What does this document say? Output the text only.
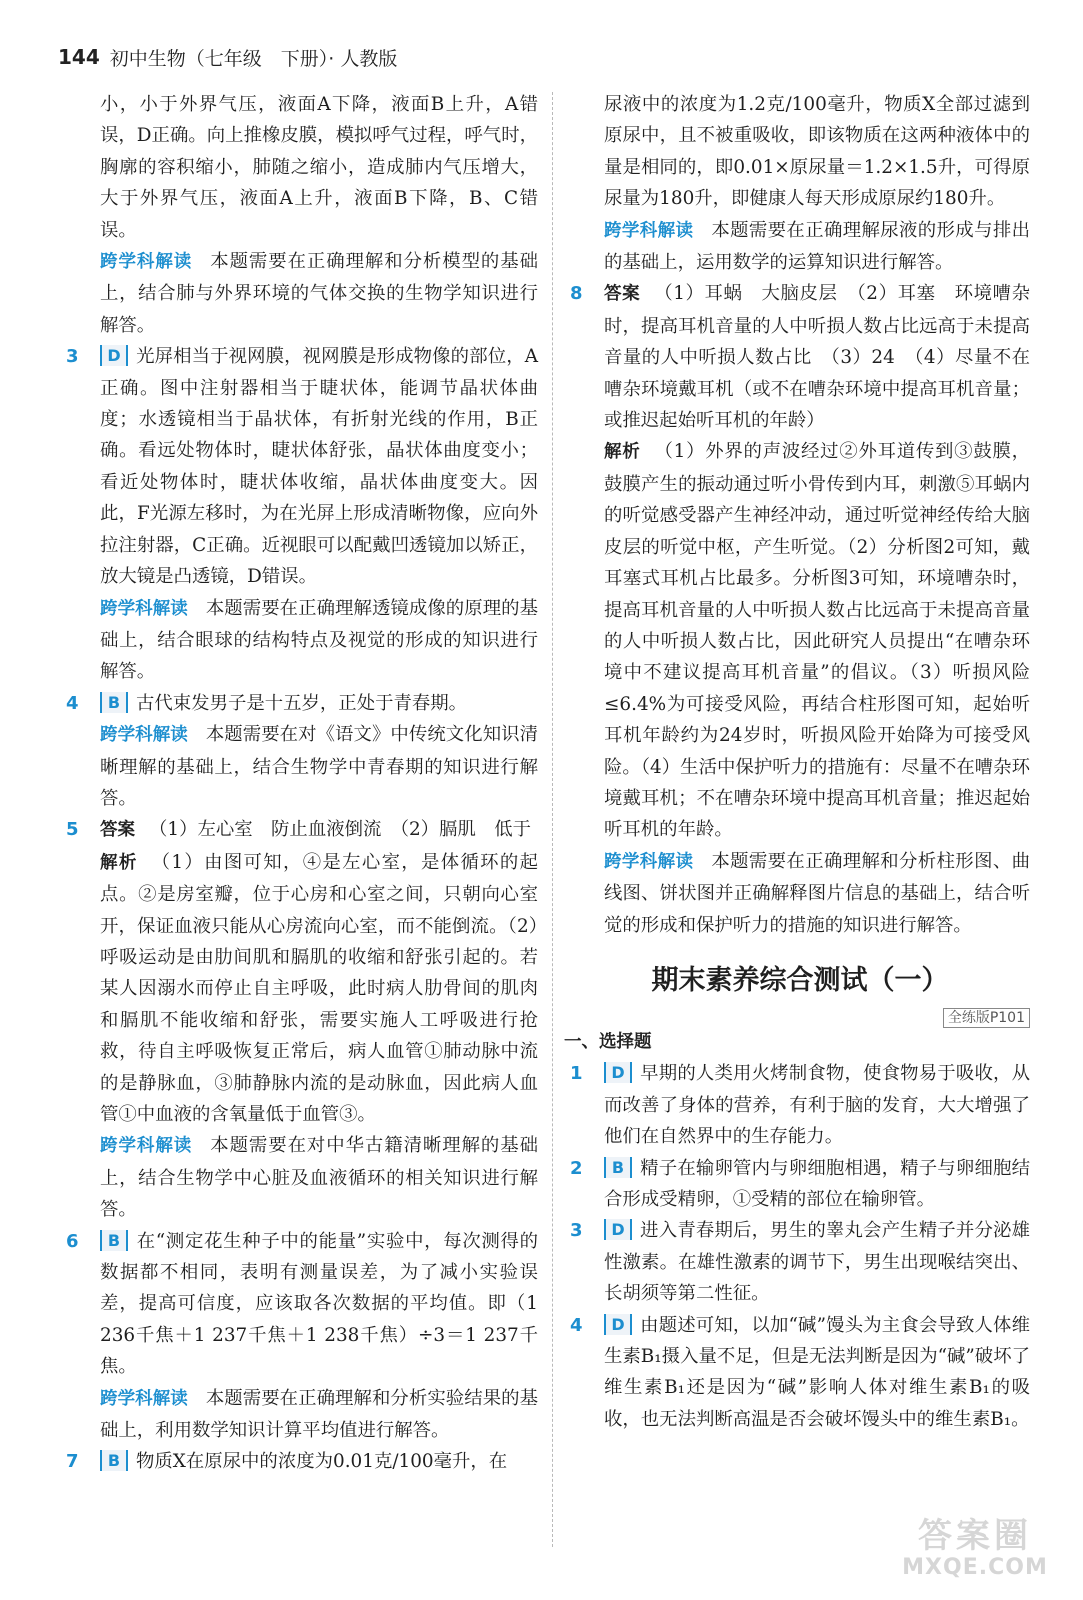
144 初中生物（七年级　下册）· 人教版

小，小于外界气压，液面A下降，液面B上升，A错误，D正确。向上推橡皮膜，模拟呼气过程，呼气时，胸廓的容积缩小，肺随之缩小，造成肺内气压增大，大于外界气压，液面A上升，液面B下降，B、C错误。

跨学科解读 本题需要在正确理解和分析模型的基础上，结合肺与外界环境的气体交换的生物学知识进行解答。

3	D 光屏相当于视网膜，视网膜是形成物像的部位，A正确。图中注射器相当于睫状体，能调节晶状体曲度；水透镜相当于晶状体，有折射光线的作用，B正确。看远处物体时，睫状体舒张，晶状体曲度变小；看近处物体时，睫状体收缩，晶状体曲度变大。因此，F光源左移时，为在光屏上形成清晰物像，应向外拉注射器，C正确。近视眼可以配戴凹透镜加以矫正，放大镜是凸透镜，D错误。

跨学科解读 本题需要在正确理解透镜成像的原理的基础上，结合眼球的结构特点及视觉的形成的知识进行解答。

4	B 古代束发男子是十五岁，正处于青春期。

跨学科解读 本题需要在对《语文》中传统文化知识清晰理解的基础上，结合生物学中青春期的知识进行解答。

5 答案 （1）左心室　防止血液倒流　（2）膈肌　低于

解析 （1）由图可知，④是左心室，是体循环的起点。②是房室瓣，位于心房和心室之间，只朝向心室开，保证血液只能从心房流向心室，而不能倒流。（2）呼吸运动是由肋间肌和膈肌的收缩和舒张引起的。若某人因溺水而停止自主呼吸，此时病人肋骨间的肌肉和膈肌不能收缩和舒张，需要实施人工呼吸进行抢救，待自主呼吸恢复正常后，病人血管①肺动脉中流的是静脉血，③肺静脉内流的是动脉血，因此病人血管①中血液的含氧量低于血管③。

跨学科解读 本题需要在对中华古籍清晰理解的基础上，结合生物学中心脏及血液循环的相关知识进行解答。

6	B 在“测定花生种子中的能量”实验中，每次测得的数据都不相同，表明有测量误差，为了减小实验误差，提高可信度，应该取各次数据的平均值。即（1 236千焦＋1 237千焦＋1 238千焦）÷3＝1 237千焦。

跨学科解读 本题需要在正确理解和分析实验结果的基础上，利用数学知识计算平均值进行解答。

7	B 物质X在原尿中的浓度为0.01克/100毫升，在

尿液中的浓度为1.2克/100毫升，物质X全部过滤到原尿中，且不被重吸收，即该物质在这两种液体中的量是相同的，即0.01×原尿量＝1.2×1.5升，可得原尿量为180升，即健康人每天形成原尿约180升。

跨学科解读 本题需要在正确理解尿液的形成与排出的基础上，运用数学的运算知识进行解答。

8 答案 （1）耳蜗　大脑皮层　（2）耳塞　环境嘈杂时，提高耳机音量的人中听损人数占比远高于未提高音量的人中听损人数占比　（3）24　（4）尽量不在嘈杂环境戴耳机（或不在嘈杂环境中提高耳机音量；或推迟起始听耳机的年龄）

解析 （1）外界的声波经过②外耳道传到③鼓膜，鼓膜产生的振动通过听小骨传到内耳，刺激⑤耳蜗内的听觉感受器产生神经冲动，通过听觉神经传给大脑皮层的听觉中枢，产生听觉。（2）分析图2可知，戴耳塞式耳机占比最多。分析图3可知，环境嘈杂时，提高耳机音量的人中听损人数占比远高于未提高音量的人中听损人数占比，因此研究人员提出“在嘈杂环境中不建议提高耳机音量”的倡议。（3）听损风险≤6.4%为可接受风险，再结合柱形图可知，起始听耳机年龄约为24岁时，听损风险开始降为可接受风险。（4）生活中保护听力的措施有：尽量不在嘈杂环境戴耳机；不在嘈杂环境中提高耳机音量；推迟起始听耳机的年龄。

跨学科解读 本题需要在正确理解和分析柱形图、曲线图、饼状图并正确解释图片信息的基础上，结合听觉的形成和保护听力的措施的知识进行解答。

期末素养综合测试（一）
全练版P101
一、选择题
1	D 早期的人类用火烤制食物，使食物易于吸收，从而改善了身体的营养，有利于脑的发育，大大增强了他们在自然界中的生存能力。

2	B 精子在输卵管内与卵细胞相遇，精子与卵细胞结合形成受精卵，①受精的部位在输卵管。

3	D 进入青春期后，男生的睾丸会产生精子并分泌雄性激素。在雄性激素的调节下，男生出现喉结突出、长胡须等第二性征。

4	D 由题述可知，以加“碱”馒头为主食会导致人体维生素B₁摄入量不足，但是无法判断是因为“碱”破坏了维生素B₁还是因为“碱”影响人体对维生素B₁的吸收，也无法判断高温是否会破坏馒头中的维生素B₁。

答案圈
MXQE.COM
